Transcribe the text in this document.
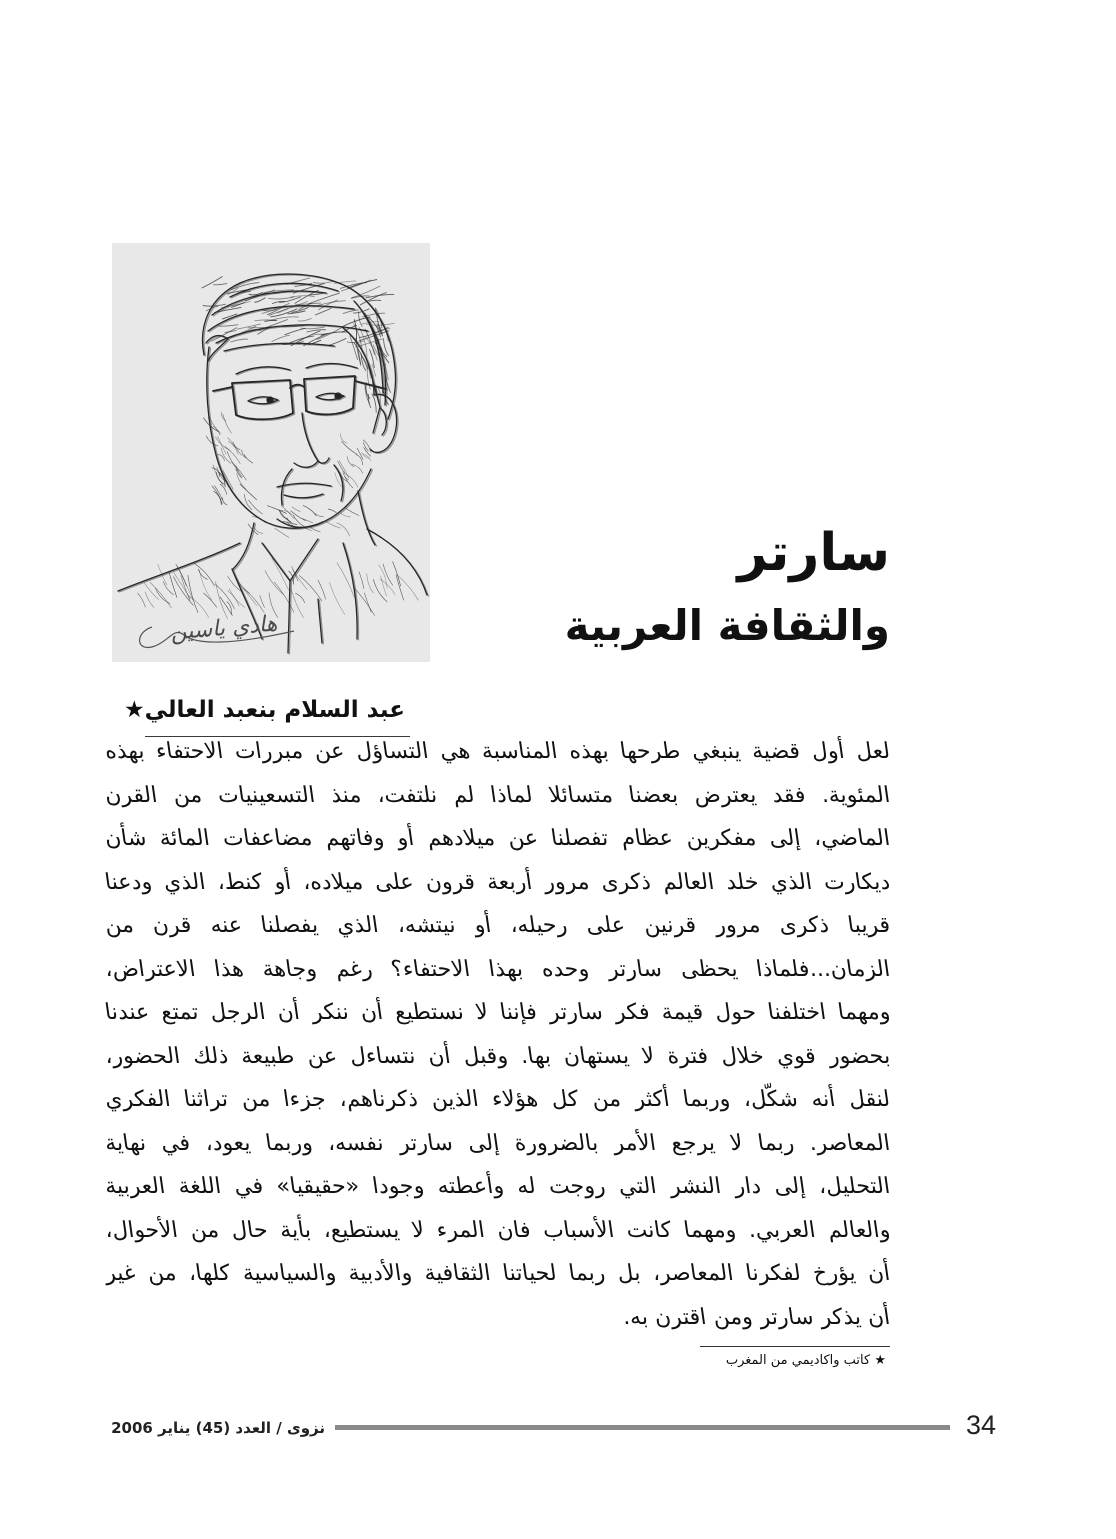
هادي ياسين
سارتر
والثقافة العربية
عبد السلام بنعبد العالي★
لعل أول قضية ينبغي طرحها بهذه المناسبة هي التساؤل عن مبررات الاحتفاء بهذه
المئوية. فقد يعترض بعضنا متسائلا لماذا لم نلتفت، منذ التسعينيات من القرن
الماضي، إلى مفكرين عظام تفصلنا عن ميلادهم أو وفاتهم مضاعفات المائة شأن
ديكارت الذي خلد العالم ذكرى مرور أربعة قرون على ميلاده، أو كنط، الذي ودعنا
قريبا ذكرى مرور قرنين على رحيله، أو نيتشه، الذي يفصلنا عنه قرن من
الزمان...فلماذا يحظى سارتر وحده بهذا الاحتفاء؟ رغم وجاهة هذا الاعتراض،
ومهما اختلفنا حول قيمة فكر سارتر فإننا لا نستطيع أن ننكر أن الرجل تمتع عندنا
بحضور قوي خلال فترة لا يستهان بها. وقبل أن نتساءل عن طبيعة ذلك الحضور،
لنقل أنه شكّل، وربما أكثر من كل هؤلاء الذين ذكرناهم، جزءا من تراثنا الفكري
المعاصر. ربما لا يرجع الأمر بالضرورة إلى سارتر نفسه، وربما يعود، في نهاية
التحليل، إلى دار النشر التي روجت له وأعطته وجودا «حقيقيا» في اللغة العربية
والعالم العربي. ومهما كانت الأسباب فان المرء لا يستطيع، بأية حال من الأحوال،
أن يؤرخ لفكرنا المعاصر، بل ربما لحياتنا الثقافية والأدبية والسياسية كلها، من غير
أن يذكر سارتر ومن اقترن به.
★ كاتب واكاديمي من المغرب
نزوى / العدد (45) يناير 2006	34
